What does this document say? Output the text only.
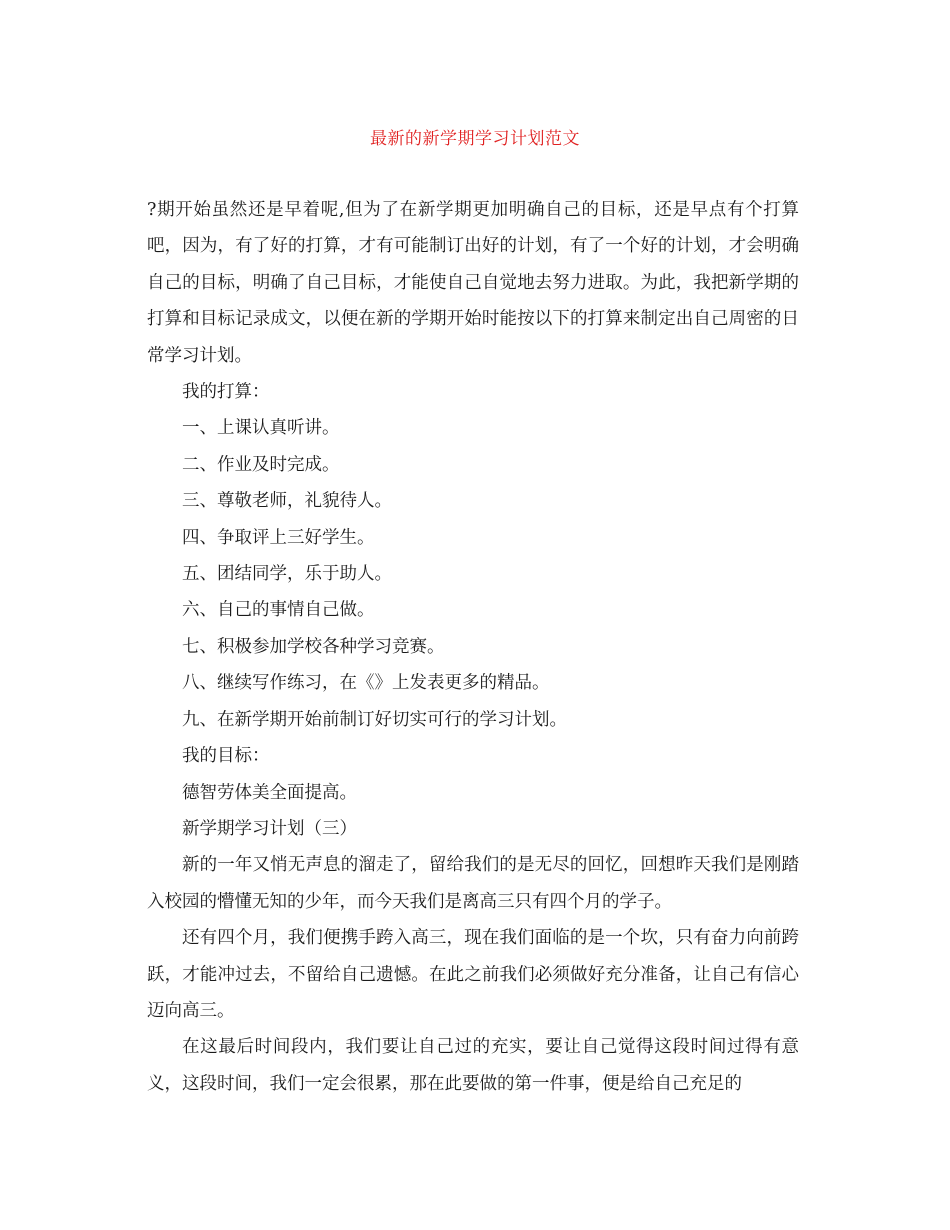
最新的新学期学习计划范文

?期开始虽然还是早着呢,但为了在新学期更加明确自己的目标，还是早点有个打算吧，因为，有了好的打算，才有可能制订出好的计划，有了一个好的计划，才会明确自己的目标，明确了自己目标，才能使自己自觉地去努力进取。为此，我把新学期的打算和目标记录成文，以便在新的学期开始时能按以下的打算来制定出自己周密的日常学习计划。

我的打算：

一、上课认真听讲。

二、作业及时完成。

三、尊敬老师，礼貌待人。

四、争取评上三好学生。

五、团结同学，乐于助人。

六、自己的事情自己做。

七、积极参加学校各种学习竞赛。

八、继续写作练习，在《》上发表更多的精品。

九、在新学期开始前制订好切实可行的学习计划。

我的目标：

德智劳体美全面提高。

新学期学习计划（三）

新的一年又悄无声息的溜走了，留给我们的是无尽的回忆，回想昨天我们是刚踏入校园的懵懂无知的少年，而今天我们是离高三只有四个月的学子。

还有四个月，我们便携手跨入高三，现在我们面临的是一个坎，只有奋力向前跨跃，才能冲过去，不留给自己遗憾。在此之前我们必须做好充分准备，让自己有信心迈向高三。

在这最后时间段内，我们要让自己过的充实，要让自己觉得这段时间过得有意义，这段时间，我们一定会很累，那在此要做的第一件事，便是给自己充足的
